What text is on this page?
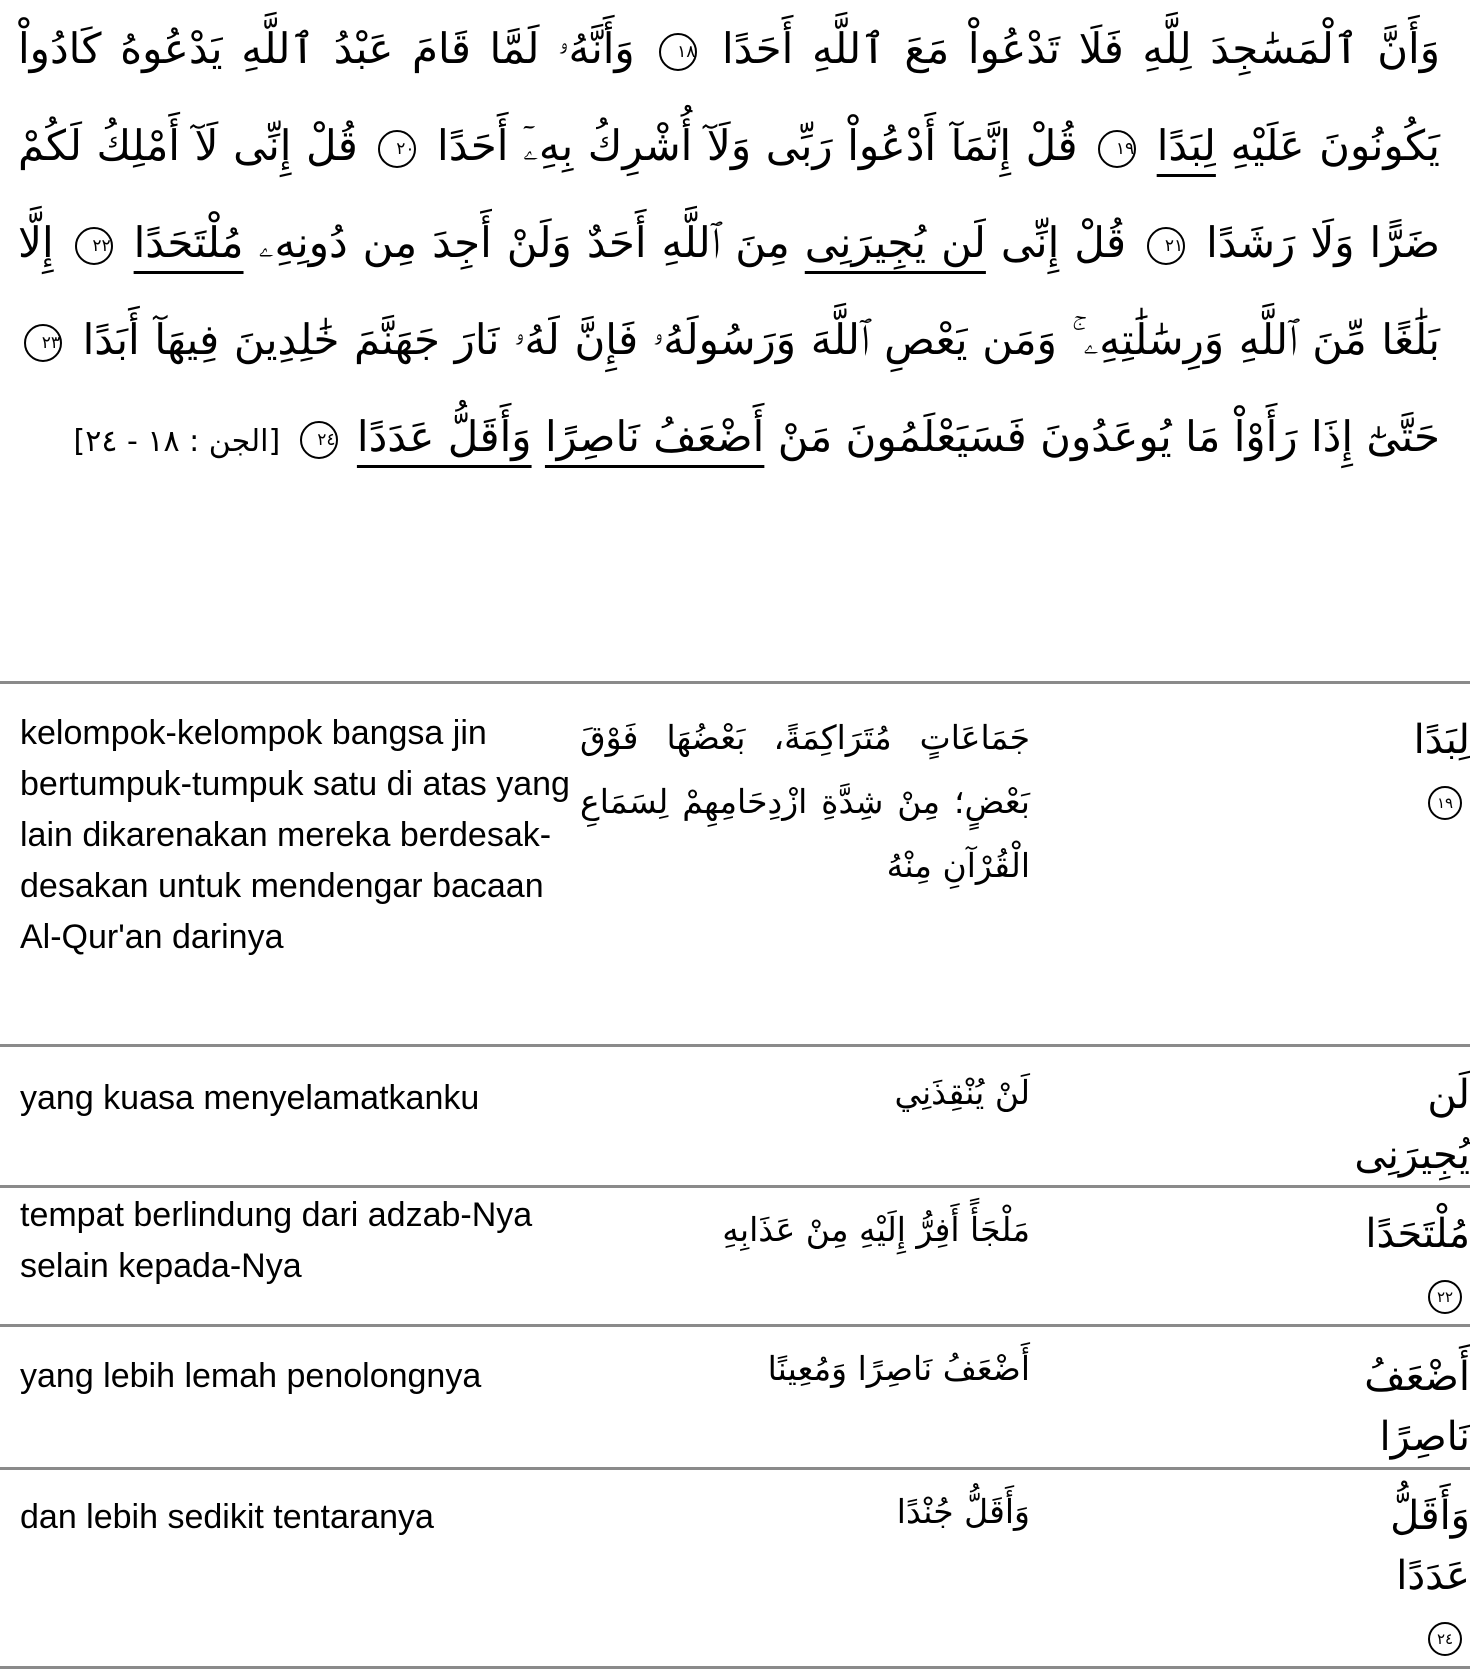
وَأَنَّ ٱلْمَسَٰجِدَ لِلَّهِ فَلَا تَدْعُواْ مَعَ ٱللَّهِ أَحَدًا ١٨ وَأَنَّهُۥ لَمَّا قَامَ عَبْدُ ٱللَّهِ يَدْعُوهُ كَادُواْ يَكُونُونَ عَلَيْهِ لِبَدًا ١٩ قُلْ إِنَّمَآ أَدْعُواْ رَبِّى وَلَآ أُشْرِكُ بِهِۦٓ أَحَدًا ٢٠ قُلْ إِنِّى لَآ أَمْلِكُ لَكُمْ ضَرًّا وَلَا رَشَدًا ٢١ قُلْ إِنِّى لَن يُجِيرَنِى مِنَ ٱللَّهِ أَحَدٌ وَلَنْ أَجِدَ مِن دُونِهِۦ مُلْتَحَدًا ٢٢ إِلَّا بَلَٰغًا مِّنَ ٱللَّهِ وَرِسَٰلَٰتِهِۦ ۚ وَمَن يَعْصِ ٱللَّهَ وَرَسُولَهُۥ فَإِنَّ لَهُۥ نَارَ جَهَنَّمَ خَٰلِدِينَ فِيهَآ أَبَدًا ٢٣ حَتَّىٰٓ إِذَا رَأَوْاْ مَا يُوعَدُونَ فَسَيَعْلَمُونَ مَنْ أَضْعَفُ نَاصِرًا وَأَقَلُّ عَدَدًا ٢٤ [الجن : ١٨ - ٢٤]
kelompok-kelompok bangsa jin bertumpuk-tumpuk satu di atas yang lain dikarenakan mereka berdesak-desakan untuk mendengar bacaan Al-Qur'an darinya	جَمَاعَاتٍ مُتَرَاكِمَةً، بَعْضُهَا فَوْقَ بَعْضٍ؛ مِنْ شِدَّةِ ازْدِحَامِهِمْ لِسَمَاعِ الْقُرْآنِ مِنْهُ	لِبَدًا ١٩
yang kuasa menyelamatkanku	لَنْ يُنْقِذَنِي	لَن يُجِيرَنِى
tempat berlindung dari adzab-Nya selain kepada-Nya	مَلْجَأً أَفِرُّ إِلَيْهِ مِنْ عَذَابِهِ	مُلْتَحَدًا ٢٢
yang lebih lemah penolongnya	أَضْعَفُ نَاصِرًا وَمُعِينًا	أَضْعَفُ نَاصِرًا
dan lebih sedikit tentaranya	وَأَقَلُّ جُنْدًا	وَأَقَلُّ عَدَدًا ٢٤
